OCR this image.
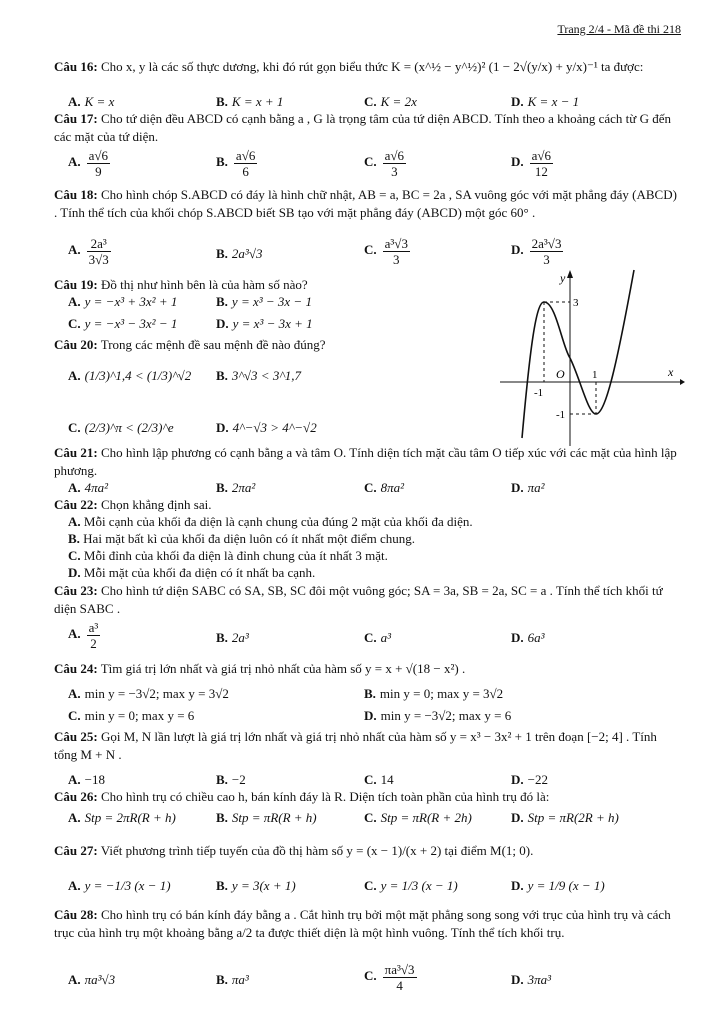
Trang 2/4 - Mã đề thi 218
Câu 16: Cho x, y là các số thực dương, khi đó rút gọn biểu thức K = (x^½ − y^½)² (1 − 2√(y/x) + y/x)⁻¹ ta được:
A. K = x	B. K = x + 1	C. K = 2x	D. K = x − 1
Câu 17: Cho tứ diện đều ABCD có cạnh bằng a , G là trọng tâm của tứ diện ABCD. Tính theo a khoảng cách từ G đến các mặt của tứ diện.
A. $\frac{a√6}{9}$	B. $\frac{a√6}{6}$	C. $\frac{a√6}{3}$	D. $\frac{a√6}{12}$
Câu 18: Cho hình chóp S.ABCD có đáy là hình chữ nhật, AB = a, BC = 2a , SA vuông góc với mặt phẳng đáy (ABCD) . Tính thể tích của khối chóp S.ABCD biết SB tạo với mặt phẳng đáy (ABCD) một góc 60° .
A. $\frac{\text{2a³}}{3√3}$	B. 2a³√3	C. $\frac{\text{a³√3}}{3}$	D. $\frac{\text{2a³√3}}{3}$
Câu 19: Đồ thị như hình bên là của hàm số nào?
A. y = −x³ + 3x² + 1	B. y = x³ − 3x − 1
C. y = −x³ − 3x² − 1	D. y = x³ − 3x + 1
Câu 20: Trong các mệnh đề sau mệnh đề nào đúng?
A. (1/3)^1,4 < (1/3)^√2 B. 3^√3 < 3^1,7
C. (2/3)^π < (2/3)^e	D. 4^−√3 > 4^−√2
y
x
O
3
1
-1
-1
Câu 21: Cho hình lập phương có cạnh bằng a và tâm O. Tính diện tích mặt cầu tâm O tiếp xúc với các mặt của hình lập phương.
A. 4πa²	B. 2πa²	C. 8πa²	D. πa²
Câu 22: Chọn khẳng định sai.
A. Mỗi cạnh của khối đa diện là cạnh chung của đúng 2 mặt của khối đa diện.
B. Hai mặt bất kì của khối đa diện luôn có ít nhất một điểm chung.
C. Mỗi đỉnh của khối đa diện là đỉnh chung của ít nhất 3 mặt.
D. Mỗi mặt của khối đa diện có ít nhất ba cạnh.
Câu 23: Cho hình tứ diện SABC có SA, SB, SC đôi một vuông góc; SA = 3a, SB = 2a, SC = a . Tính thể tích khối tứ diện SABC .
A. $\frac{\text{a³}}{2}$	B. 2a³	C. a³	D. 6a³
Câu 24: Tìm giá trị lớn nhất và giá trị nhỏ nhất của hàm số y = x + √(18 − x²) .
A. min y = −3√2; max y = 3√2	B. min y = 0; max y = 3√2
C. min y = 0; max y = 6	D. min y = −3√2; max y = 6
Câu 25: Gọi M, N lần lượt là giá trị lớn nhất và giá trị nhỏ nhất của hàm số y = x³ − 3x² + 1 trên đoạn [−2; 4] . Tính tổng M + N .
A. −18	B. −2	C. 14	D. −22
Câu 26: Cho hình trụ có chiều cao h, bán kính đáy là R. Diện tích toàn phần của hình trụ đó là:
A. Stp = 2πR(R + h)	B. Stp = πR(R + h)	C. Stp = πR(R + 2h)	D. Stp = πR(2R + h)
Câu 27: Viết phương trình tiếp tuyến của đồ thị hàm số y = (x − 1)/(x + 2) tại điểm M(1; 0).
A. y = −1/3 (x − 1)	B. y = 3(x + 1)	C. y = 1/3 (x − 1)	D. y = 1/9 (x − 1)
Câu 28: Cho hình trụ có bán kính đáy bằng a . Cắt hình trụ bởi một mặt phẳng song song với trục của hình trụ và cách trục của hình trụ một khoảng bằng a/2 ta được thiết diện là một hình vuông. Tính thể tích khối trụ.
A. πa³√3	B. πa³	C. $\frac{\text{πa³√3}}{4}$	D. 3πa³
